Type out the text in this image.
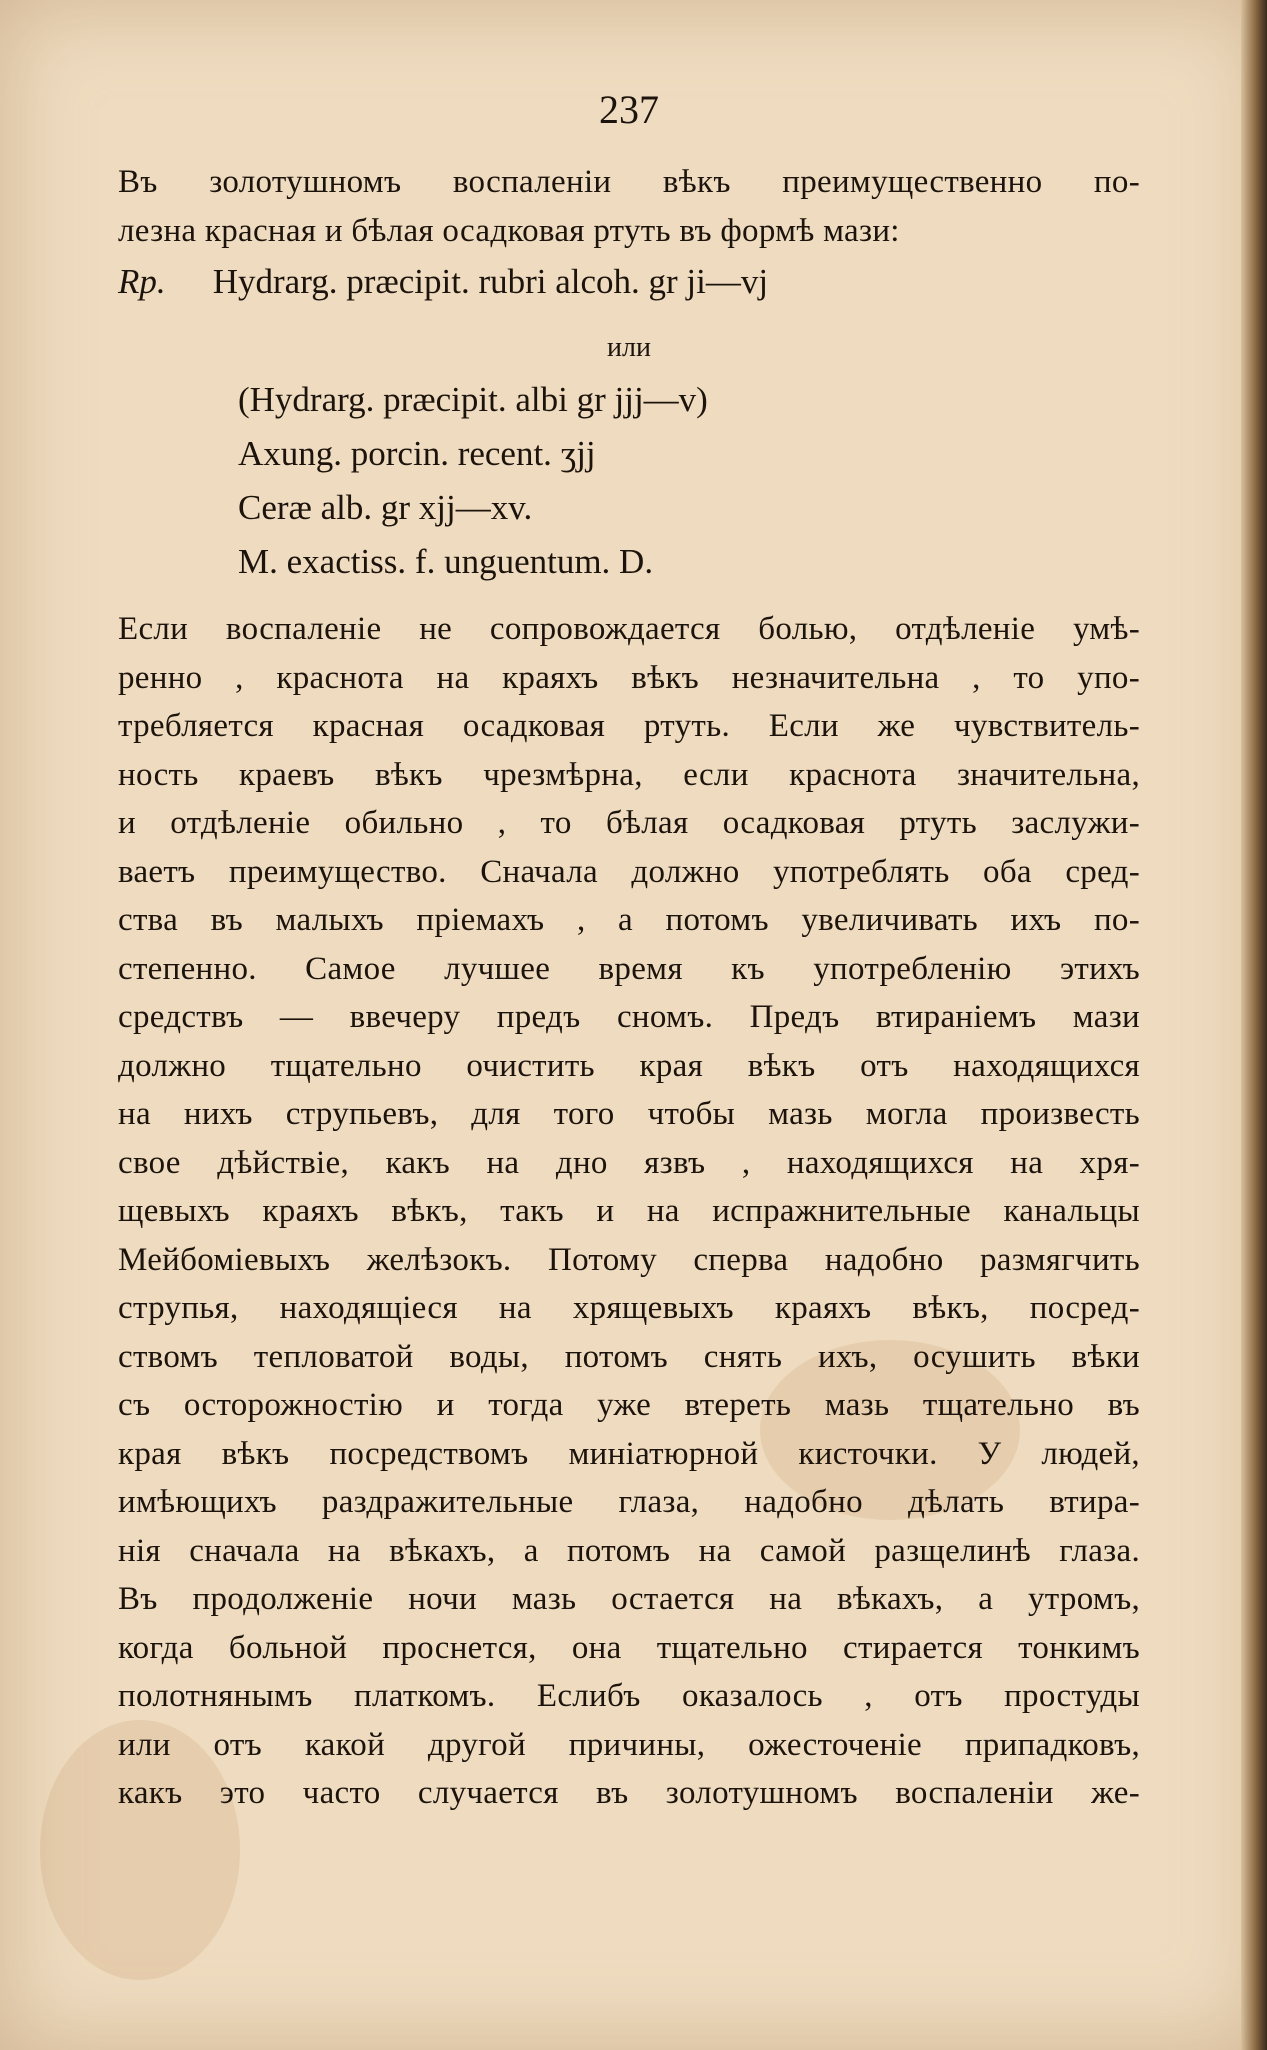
237
Въ золотушномъ воспаленіи вѣкъ преимущественно по-
лезна красная и бѣлая осадковая ртуть въ формѣ мази:
Rp. Hydrarg. præcipit. rubri alcoh. gr ji—vj
или
(Hydrarg. præcipit. albi gr jjj—v)
Axung. porcin. recent. ʒjj
Ceræ alb. gr xjj—xv.
M. exactiss. f. unguentum. D.
Если воспаленіе не сопровождается болью, отдѣленіе умѣ-
ренно , краснота на краяхъ вѣкъ незначительна , то упо-
требляется красная осадковая ртуть. Если же чувствитель-
ность краевъ вѣкъ чрезмѣрна, если краснота значительна,
и отдѣленіе обильно , то бѣлая осадковая ртуть заслужи-
ваетъ преимущество. Сначала должно употреблять оба сред-
ства въ малыхъ пріемахъ , а потомъ увеличивать ихъ по-
степенно. Самое лучшее время къ употребленію этихъ
средствъ — ввечеру предъ сномъ. Предъ втираніемъ мази
должно тщательно очистить края вѣкъ отъ находящихся
на нихъ струпьевъ, для того чтобы мазь могла произвесть
свое дѣйствіе, какъ на дно язвъ , находящихся на хря-
щевыхъ краяхъ вѣкъ, такъ и на испражнительные канальцы
Мейбоміевыхъ желѣзокъ. Потому сперва надобно размягчить
струпья, находящіеся на хрящевыхъ краяхъ вѣкъ, посред-
ствомъ тепловатой воды, потомъ снять ихъ, осушить вѣки
съ осторожностію и тогда уже втереть мазь тщательно въ
края вѣкъ посредствомъ миніатюрной кисточки. У людей,
имѣющихъ раздражительные глаза, надобно дѣлать втира-
нія сначала на вѣкахъ, а потомъ на самой разщелинѣ глаза.
Въ продолженіе ночи мазь остается на вѣкахъ, а утромъ,
когда больной проснется, она тщательно стирается тонкимъ
полотнянымъ платкомъ. Еслибъ оказалось , отъ простуды
или отъ какой другой причины, ожесточеніе припадковъ,
какъ это часто случается въ золотушномъ воспаленіи же-
